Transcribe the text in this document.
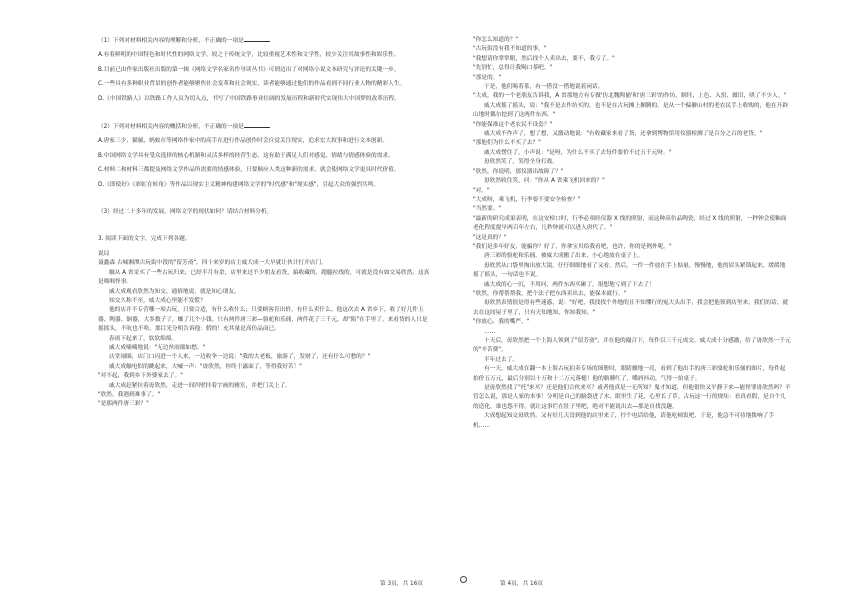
（1）下列对材料相关内容的理解和分析，不正确的一项是

A.有着鲜明的中国特色和时代性的网络文学，较之于传统文学，比较重视艺术性和文学性，较少关注其故事性和娱乐性。

B.目前已由作家出版社出版的第一辑《网络文学名家名作导读丛书》可谓迈出了对网络小说文本研究与评论的关键一步。

C.一些具有多种职业背景的创作者能够聚焦社会变革和社会现实，读者能够通过他们的作品看到不同行业人物的精彩人生。

D.《中国铁路人》以铁路工作人员为切入点，书写了中国铁路事业壮阔的发展历程和新时代实现伟大中国梦的改革历程。

（2）下列对材料相关内容的概括和分析，不正确的一项是

A.唐家三少、猫腻、蚂蚁在等网络作家中的高手在进行作品创作时会自觉关注现实，追求宏大叙事和进行文本创新。

B.中国网络文学具有受众选择的核心机制和灵活多样的经营生态，这有助于满足人们对感觉、情绪与情感体验的需求。

C.材料二和材料三都提及网络文学作品所需要的情感体验，只要顺应人类这种新的需求，就会使网络文学更具时代价值。

D.《即使好》《彩虹在转角》等作品以现实主义精神构建网络文学的"时代感"和"现实感"，引起大众的强烈共鸣。

（3）经过二十多年的发展，网络文学的现状如何？请结合材料分析。

3. 阅读下面的文字，完成下列各题。

说局

聂鑫森 古城湘潭古玩街中段的"留芳斋"，四十来岁的店主威大成一大早就让伙计打开店门。

触从 A 省采买了一些古玩归来，已经半月有余，店里来过不少朋友看货，搞收藏的，跑腿拉线的，可就是没有如交易欣然，这真是咄咄怪事。

戚大成观看欣然为知交，通俗地说，就是知心朋友。

知交久称不至，威大成心里能不发慌？

他的店并不专营哪一项古玩，只要合适，有什么收什么；只要顾客肯出价，有什么卖什么。他这次去 A 省乡下，收了好几件玉器、陶器、铜器，大多数子了，赚了几个小钱。只有两件唐三彩—骆驼和乐俑，两件花了三千元，却"陷"在手里了。来看货的人只是摇摇头，不吭也不哈，那目光分明告诉他：假的！充其量是高仿品而已。

春雨下起来了，软软绵绵。

戚大成喃喃地说："无边丝雨细如愁。"

店堂闹圈，店门口闪进一个人来，一边收伞一边说："我的大老板，旅游了，发财了，还有什么可愁的？"

戚大成触电似的跳起来，大喊一声："毋欣然，你终于露面了，等得我好苦！"

"对不起，我到乡下外婆家去了。"

戚大成赶紧拉着毋欣然，走进一间四壁挂着字画的雅室，并把门关上了。

"欣然，我遇到难事了。"

"是那两件唐三彩？"

"你怎么知道的？"

"古玩街没有我不知道的事。"

"我想请你掌掌眼，然后找个人卖出去，要不，我亏了。"

"先别忙，总得让我喝口茶吧。"

"那是的。"

于是，他们喝着茶，有一搭没一搭地说着闲话。

"大成，我的一个老朋友告诉我，A 省那地方有专做'仿北魏陶俑'和'唐三彩'的作坊，制坯、上色、入窑、做旧，哄了不少人。"

威大成摇了摇头，说："我不是去作坊买的，也不是在古玩摊上捆腾的。是从一个偏僻山村的老农民手上收购的，他在开辟山地时偶尔挖到了这两件东西。"

"你能保准这个老农民不设套？"

威大成不作声了，想了想，又激动地说："有收藏家来看了货，还拿到博物馆用仪器检测了是百分之百的老货。"

"那他们为什么不买了去？"

戚大成愣住了，小声说："是呀，为什么不买了去每件要价不过五千元呀。"

毋欣然笑了，笑得全身打战。

"欣然，你说明，那仪器出故障了？"

毋欣然收住笑，问："你从 A 省乘飞机回来的？"

"对。"

"大成呀，乘飞机，行李要不要安全检查？"

"当然要。"

"最新的研究成果表明，在这安检口时，行李必须经仪器 X 线的照射，而这种高仿品陶瓷，经过 X 线的照射，一秒钟会使釉面老化程度提早两百年左右，几秒钟就可以进入唐代了。"

"这是真的？"

"我们是多年好友，能骗你？好了，你拿宝贝给我看吧，也许，你的是例外呢。"

唐三彩的骆驼和乐俑，被威大成搬了出来，小心地放在桌子上。

毋欣然从口袋里掏出放大镜，仔仔细细地看了又看，然后，一件一件放在手上掂量，慢慢地，他的眉头紧锁起来，缓缓地摇了摇头，一句话也不说。

戚大成的心一沉，不用问，两件东西买砸了，很想地亏到了下去了！

"欣然，你帮帮帮我，把个法子把东西卖出去，能保本就行。"

毋欣然表情很是得有些迷惑，说："好吧，我找找个外地的且不知懂行的冤大头出手，我会把他领到店里来，我们的话，就去在这间屋子里了，只有天知地知，你知我知。"

"你放心，我的嘴严。"

……

十天后，毋欣然把一个上海人领到了"留芳斋"，并在他的撮合下，每件以三千元成交。威大成十分感激，给了毋欣然一千元的"辛苦费"。

半年过去了。

有一天，威大成在翻一本上海古玩拍卖专场的图册时，眼睛骤地一亮，看到了他出手的唐三彩骆驼和乐俑的图片，每件起拍价五万元，最后分别以十万和十二万元落槌！他的胳膊红了，嘴唇抖动，气得一拍桌子。

是毋欣然找了"托"来买？还是他们合伙来买？或者他真是一无所知？鬼才知道，但他很快又平静下来—能怪罪毋欣然吗？不管怎么说，那是人家的本事！分明是自己的脑袋进了水，眼里生了花，心里长了草。古玩这一行的规矩：看真看假，是自个儿的造化，谁也怨不得。就让这事烂在肚子里吧，绝对不能说出去—那是自找没趣。

大成想起知交毋欣然，又有好几天没到他的店里来了，拧个电话给他，请他吃顿饭吧，于是，他急不可待地拨响了手机……

第 3页，共 16页	第 4页，共 16页
